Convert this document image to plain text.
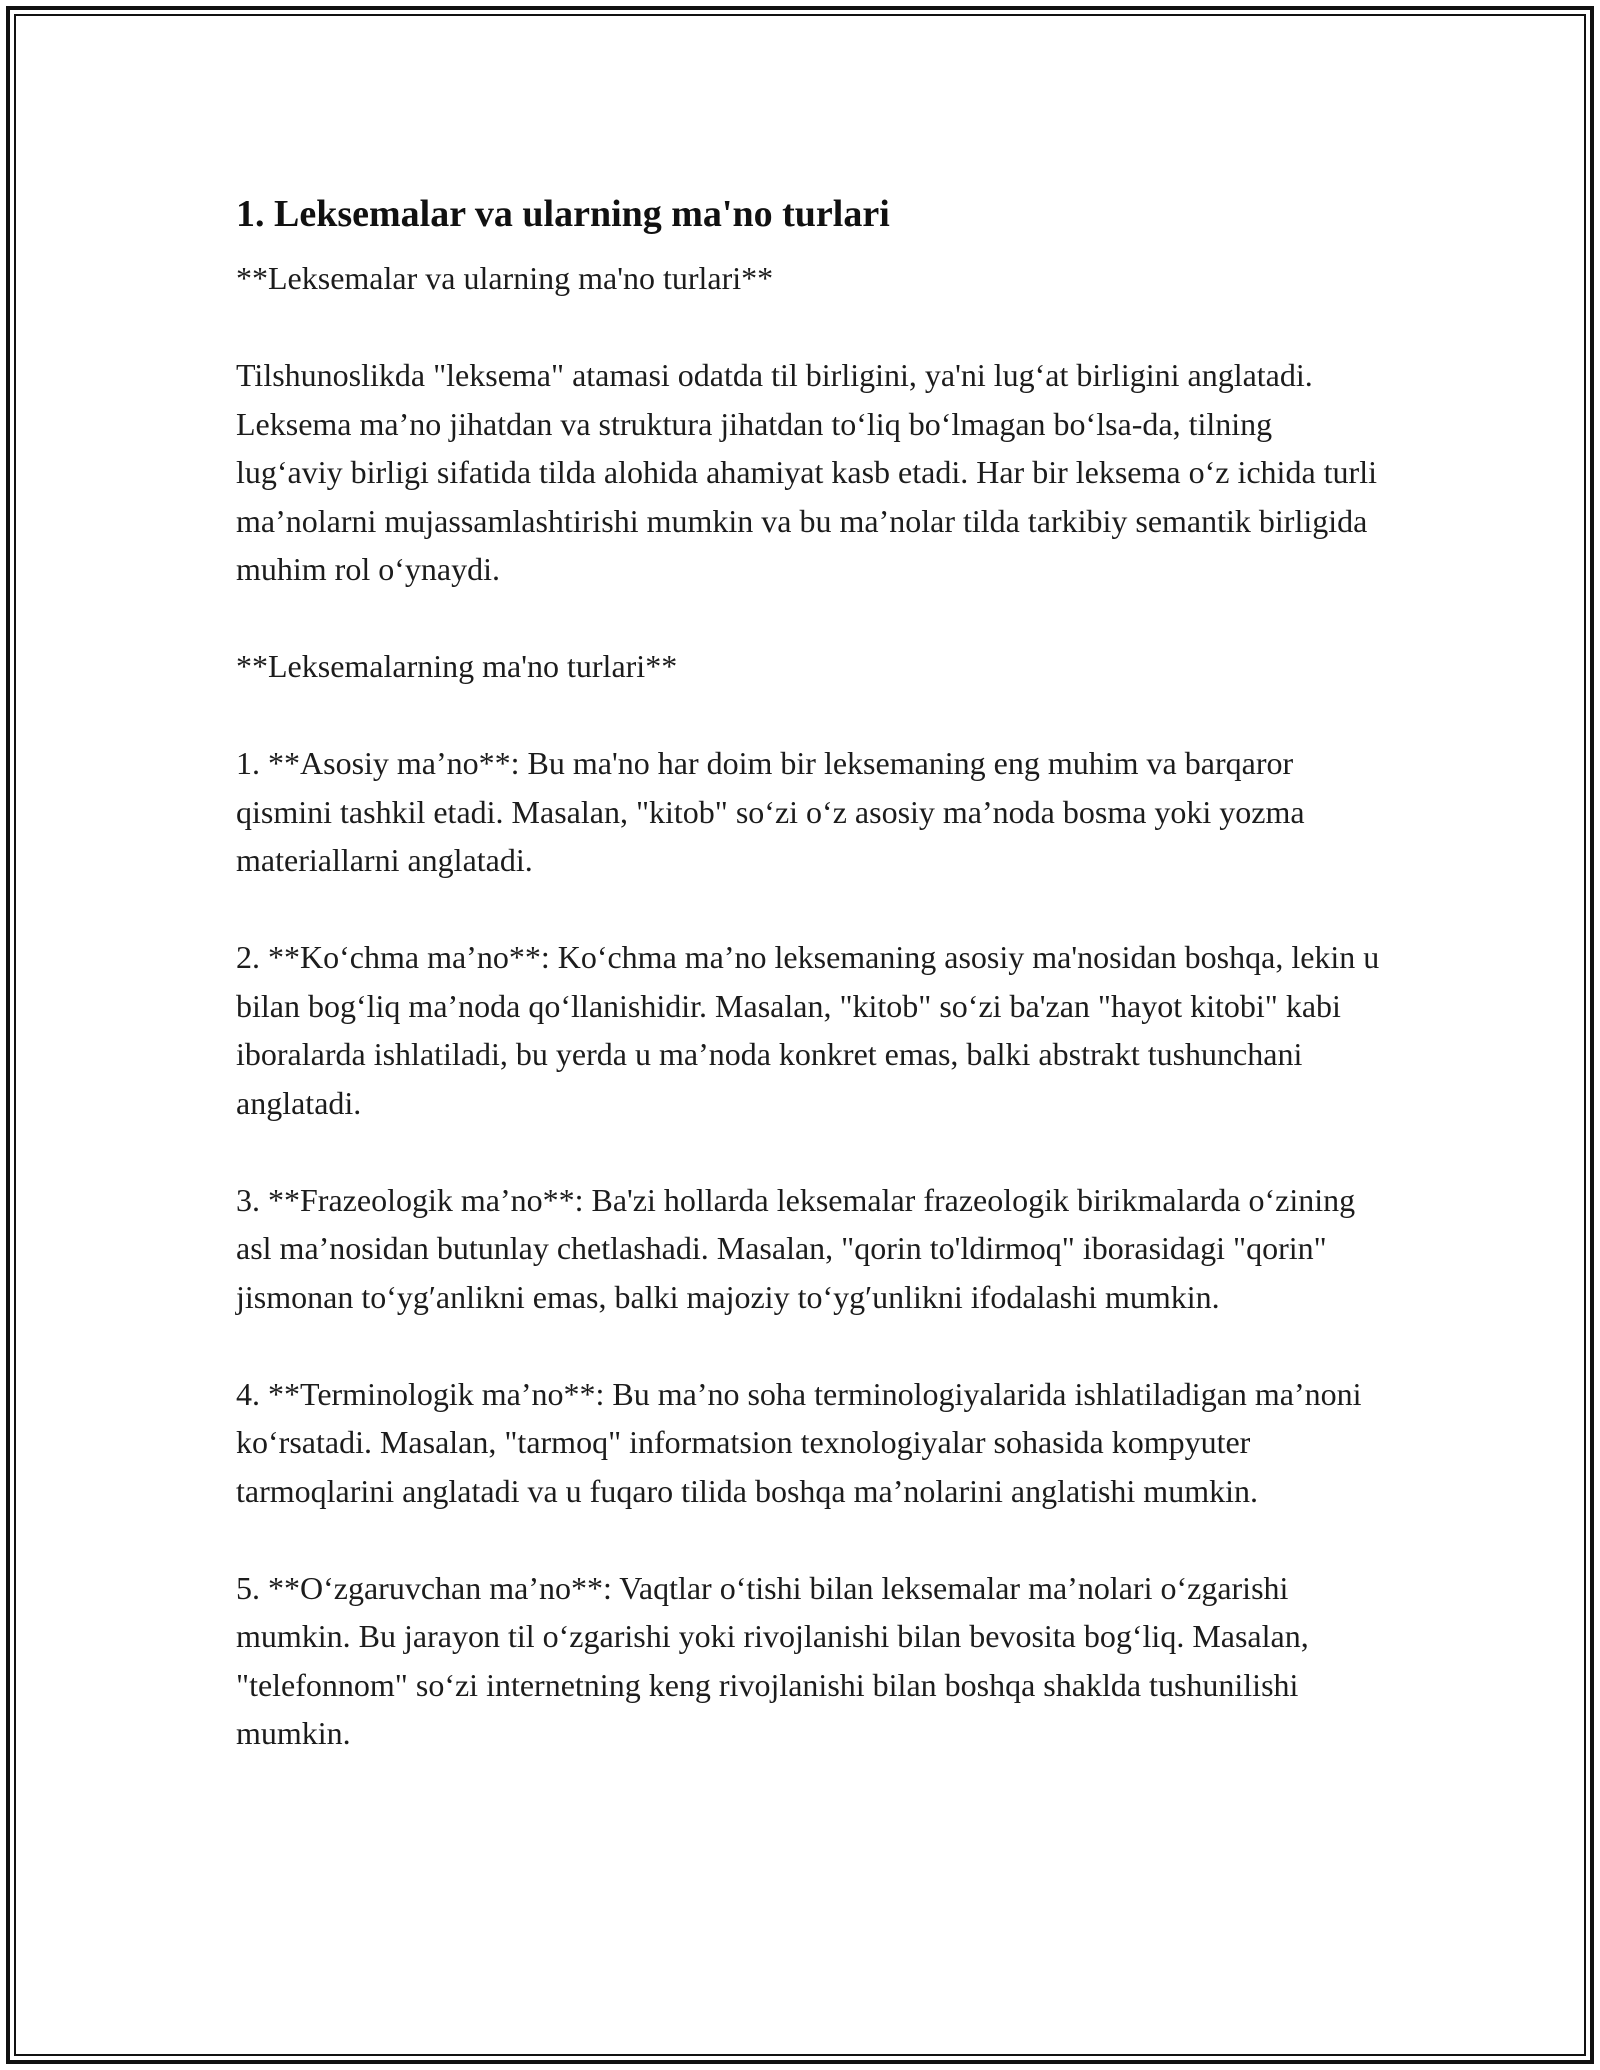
1. Leksemalar va ularning ma'no turlari

**Leksemalar va ularning ma'no turlari**

Tilshunoslikda "leksema" atamasi odatda til birligini, ya'ni lug‘at birligini anglatadi. Leksema ma’no jihatdan va struktura jihatdan to‘liq bo‘lmagan bo‘lsa-da, tilning lug‘aviy birligi sifatida tilda alohida ahamiyat kasb etadi. Har bir leksema o‘z ichida turli ma’nolarni mujassamlashtirishi mumkin va bu ma’nolar tilda tarkibiy semantik birligida muhim rol o‘ynaydi.

**Leksemalarning ma'no turlari**

1. **Asosiy ma’no**: Bu ma'no har doim bir leksemaning eng muhim va barqaror qismini tashkil etadi. Masalan, "kitob" so‘zi o‘z asosiy ma’noda bosma yoki yozma materiallarni anglatadi.

2. **Ko‘chma ma’no**: Ko‘chma ma’no leksemaning asosiy ma'nosidan boshqa, lekin u bilan bog‘liq ma’noda qo‘llanishidir. Masalan, "kitob" so‘zi ba'zan "hayot kitobi" kabi iboralarda ishlatiladi, bu yerda u ma’noda konkret emas, balki abstrakt tushunchani anglatadi.

3. **Frazeologik ma’no**: Ba'zi hollarda leksemalar frazeologik birikmalarda o‘zining asl ma’nosidan butunlay chetlashadi. Masalan, "qorin to'ldirmoq" iborasidagi "qorin" jismonan to‘yg′anlikni emas, balki majoziy to‘yg′unlikni ifodalashi mumkin.

4. **Terminologik ma’no**: Bu ma’no soha terminologiyalarida ishlatiladigan ma’noni ko‘rsatadi. Masalan, "tarmoq" informatsion texnologiyalar sohasida kompyuter tarmoqlarini anglatadi va u fuqaro tilida boshqa ma’nolarini anglatishi mumkin.

5. **O‘zgaruvchan ma’no**: Vaqtlar o‘tishi bilan leksemalar ma’nolari o‘zgarishi mumkin. Bu jarayon til o‘zgarishi yoki rivojlanishi bilan bevosita bog‘liq. Masalan, "telefonnom" so‘zi internetning keng rivojlanishi bilan boshqa shaklda tushunilishi mumkin.
